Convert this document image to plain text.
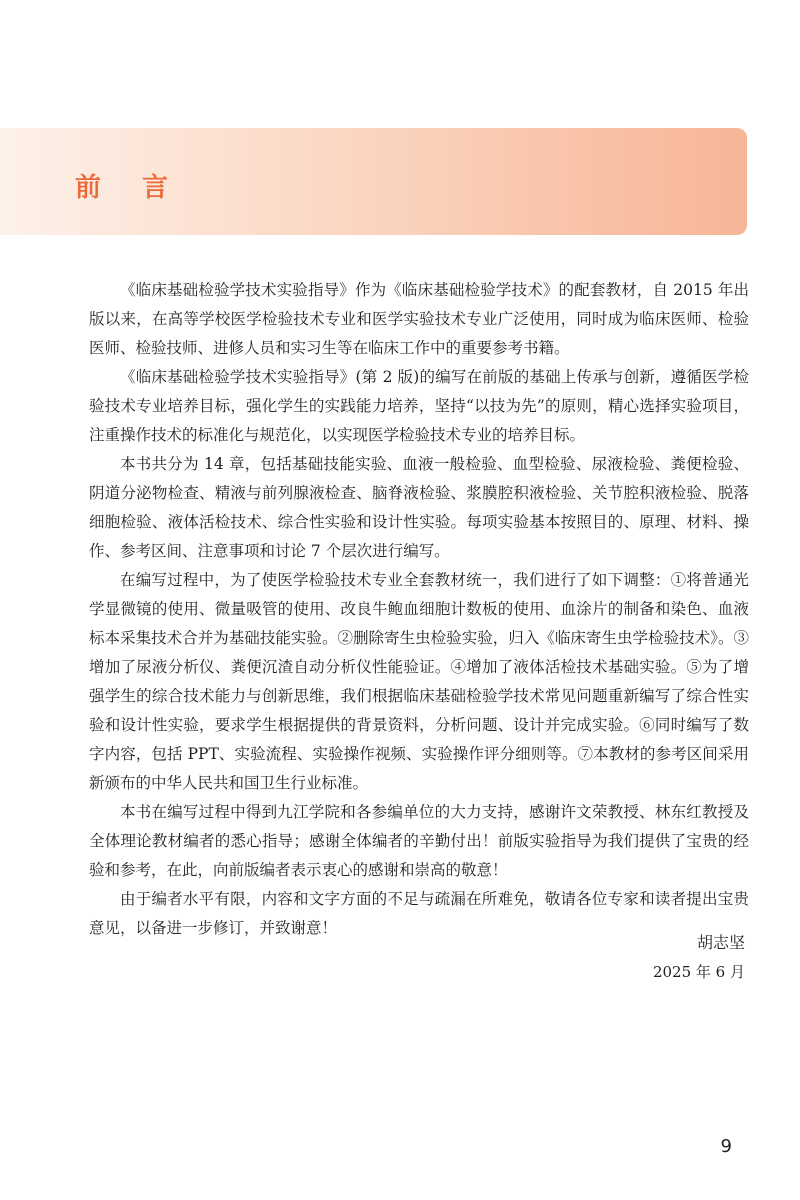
前 言

《临床基础检验学技术实验指导》作为《临床基础检验学技术》的配套教材，自 2015 年出版以来，在高等学校医学检验技术专业和医学实验技术专业广泛使用，同时成为临床医师、检验医师、检验技师、进修人员和实习生等在临床工作中的重要参考书籍。

《临床基础检验学技术实验指导》(第 2 版)的编写在前版的基础上传承与创新，遵循医学检验技术专业培养目标，强化学生的实践能力培养，坚持“以技为先”的原则，精心选择实验项目，注重操作技术的标准化与规范化，以实现医学检验技术专业的培养目标。

本书共分为 14 章，包括基础技能实验、血液一般检验、血型检验、尿液检验、粪便检验、阴道分泌物检查、精液与前列腺液检查、脑脊液检验、浆膜腔积液检验、关节腔积液检验、脱落细胞检验、液体活检技术、综合性实验和设计性实验。每项实验基本按照目的、原理、材料、操作、参考区间、注意事项和讨论 7 个层次进行编写。

在编写过程中，为了使医学检验技术专业全套教材统一，我们进行了如下调整：①将普通光学显微镜的使用、微量吸管的使用、改良牛鲍血细胞计数板的使用、血涂片的制备和染色、血液标本采集技术合并为基础技能实验。②删除寄生虫检验实验，归入《临床寄生虫学检验技术》。③增加了尿液分析仪、粪便沉渣自动分析仪性能验证。④增加了液体活检技术基础实验。⑤为了增强学生的综合技术能力与创新思维，我们根据临床基础检验学技术常见问题重新编写了综合性实验和设计性实验，要求学生根据提供的背景资料，分析问题、设计并完成实验。⑥同时编写了数字内容，包括 PPT、实验流程、实验操作视频、实验操作评分细则等。⑦本教材的参考区间采用新颁布的中华人民共和国卫生行业标准。

本书在编写过程中得到九江学院和各参编单位的大力支持，感谢许文荣教授、林东红教授及全体理论教材编者的悉心指导；感谢全体编者的辛勤付出！前版实验指导为我们提供了宝贵的经验和参考，在此，向前版编者表示衷心的感谢和崇高的敬意！

由于编者水平有限，内容和文字方面的不足与疏漏在所难免，敬请各位专家和读者提出宝贵意见，以备进一步修订，并致谢意！

胡志坚
2025 年 6 月
9
